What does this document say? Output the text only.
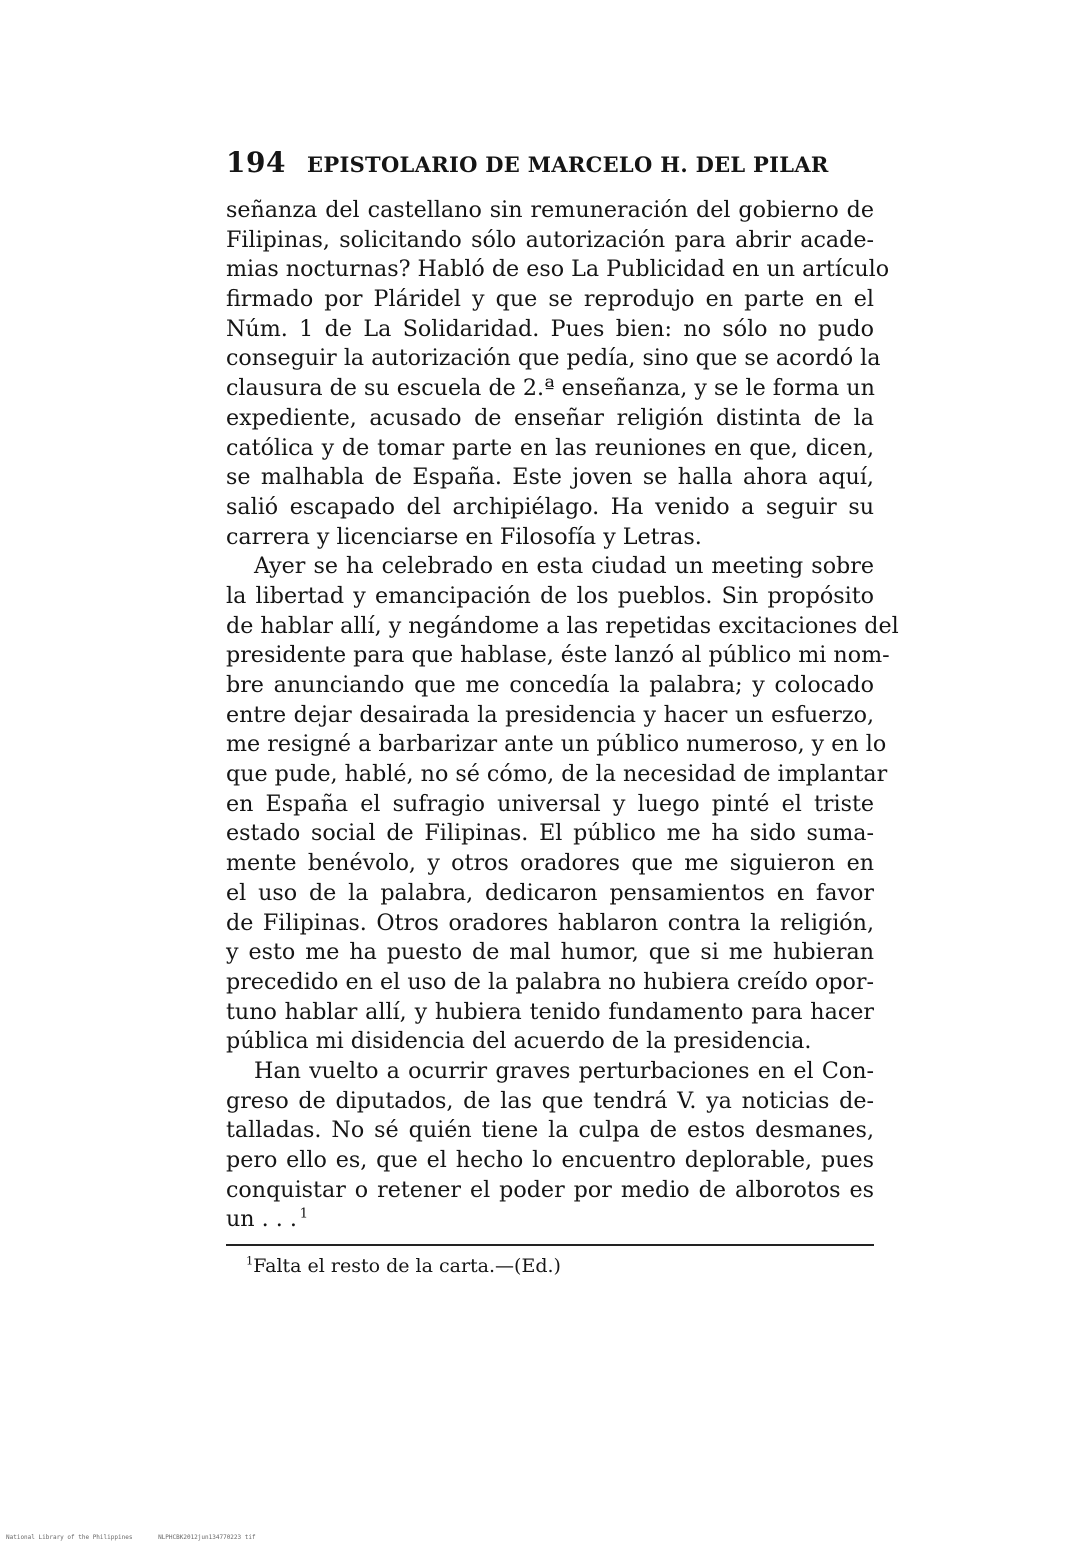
194 EPISTOLARIO DE MARCELO H. DEL PILAR
señanza del castellano sin remuneración del gobierno de
Filipinas, solicitando sólo autorización para abrir acade-
mias nocturnas? Habló de eso La Publicidad en un artículo
firmado por Pláridel y que se reprodujo en parte en el
Núm. 1 de La Solidaridad. Pues bien: no sólo no pudo
conseguir la autorización que pedía, sino que se acordó la
clausura de su escuela de 2.ª enseñanza, y se le forma un
expediente, acusado de enseñar religión distinta de la
católica y de tomar parte en las reuniones en que, dicen,
se malhabla de España. Este joven se halla ahora aquí,
salió escapado del archipiélago. Ha venido a seguir su
carrera y licenciarse en Filosofía y Letras.
Ayer se ha celebrado en esta ciudad un meeting sobre
la libertad y emancipación de los pueblos. Sin propósito
de hablar allí, y negándome a las repetidas excitaciones del
presidente para que hablase, éste lanzó al público mi nom-
bre anunciando que me concedía la palabra; y colocado
entre dejar desairada la presidencia y hacer un esfuerzo,
me resigné a barbarizar ante un público numeroso, y en lo
que pude, hablé, no sé cómo, de la necesidad de implantar
en España el sufragio universal y luego pinté el triste
estado social de Filipinas. El público me ha sido suma-
mente benévolo, y otros oradores que me siguieron en
el uso de la palabra, dedicaron pensamientos en favor
de Filipinas. Otros oradores hablaron contra la religión,
y esto me ha puesto de mal humor, que si me hubieran
precedido en el uso de la palabra no hubiera creído opor-
tuno hablar allí, y hubiera tenido fundamento para hacer
pública mi disidencia del acuerdo de la presidencia.
Han vuelto a ocurrir graves perturbaciones en el Con-
greso de diputados, de las que tendrá V. ya noticias de-
talladas. No sé quién tiene la culpa de estos desmanes,
pero ello es, que el hecho lo encuentro deplorable, pues
conquistar o retener el poder por medio de alborotos es
un . . . $^1$
$^1$Falta el resto de la carta.—(Ed.)
National Library of the Philippines	NLPHCBK2012jun134770223 tif
